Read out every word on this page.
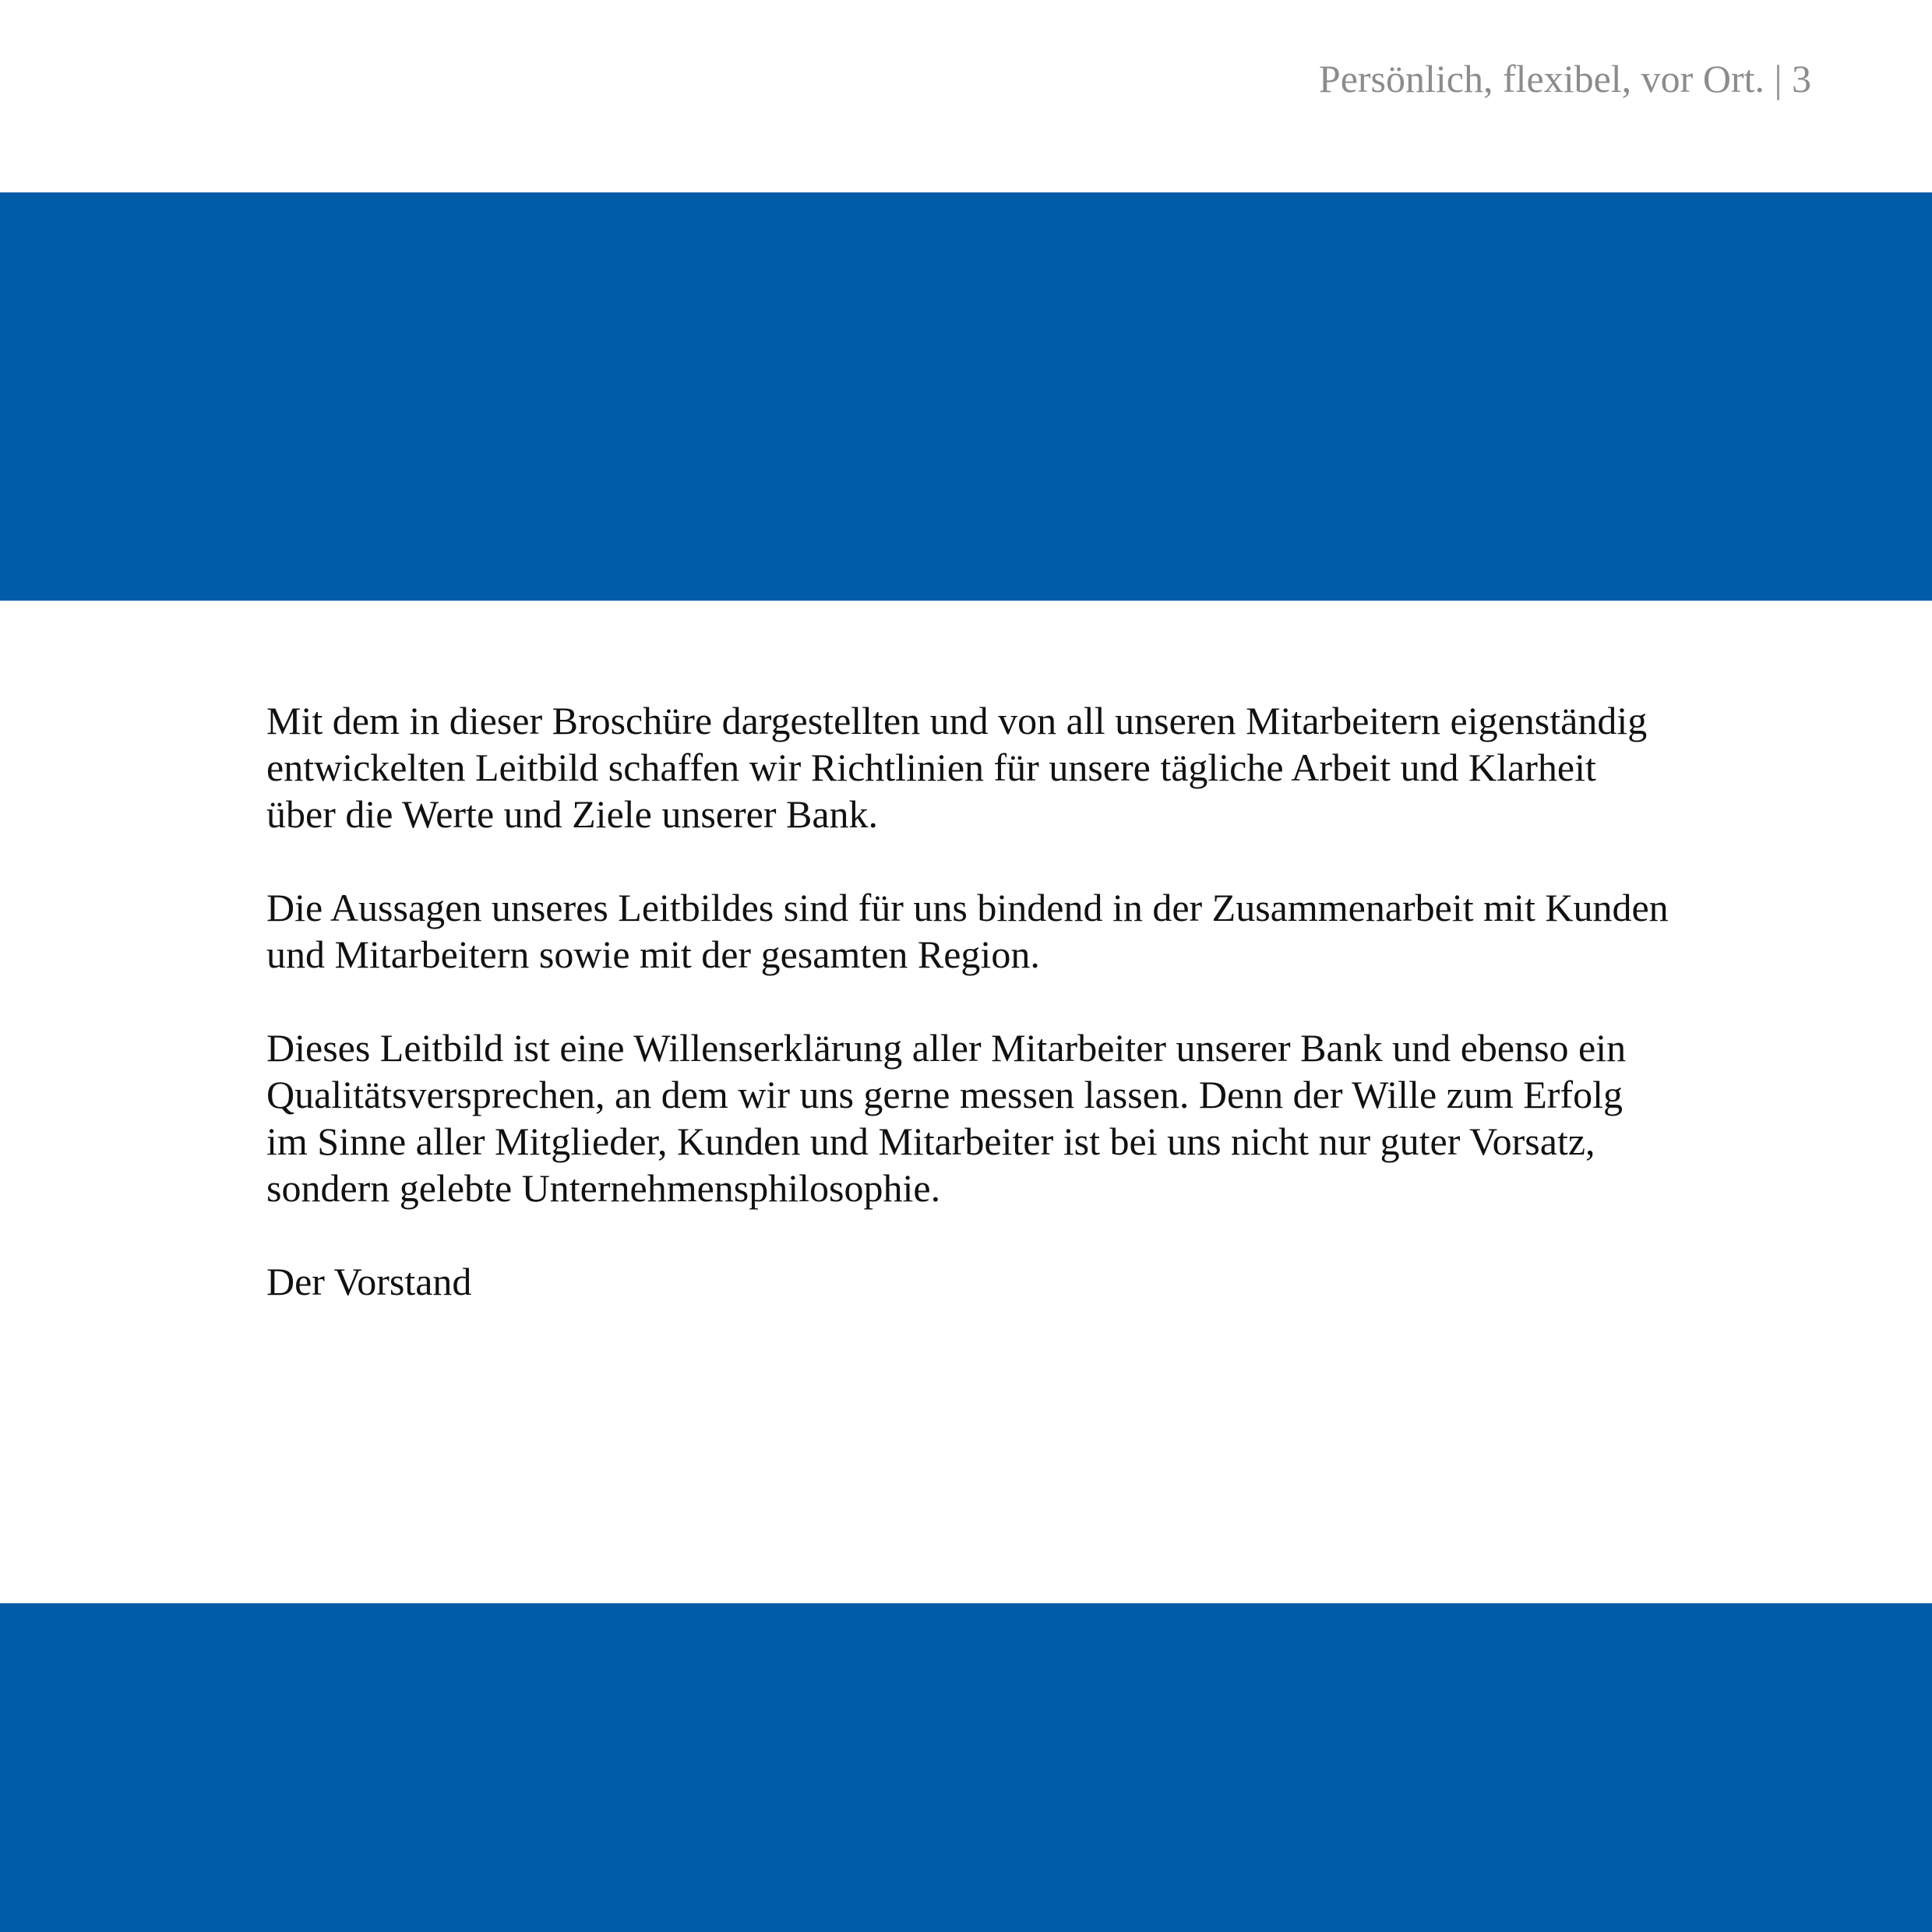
Persönlich, flexibel, vor Ort. | 3

Mit dem in dieser Broschüre dargestellten und von all unseren Mitarbeitern eigenständig
entwickelten Leitbild schaffen wir Richtlinien für unsere tägliche Arbeit und Klarheit
über die Werte und Ziele unserer Bank.

Die Aussagen unseres Leitbildes sind für uns bindend in der Zusammenarbeit mit Kunden
und Mitarbeitern sowie mit der gesamten Region.

Dieses Leitbild ist eine Willenserklärung aller Mitarbeiter unserer Bank und ebenso ein
Qualitätsversprechen, an dem wir uns gerne messen lassen. Denn der Wille zum Erfolg
im Sinne aller Mitglieder, Kunden und Mitarbeiter ist bei uns nicht nur guter Vorsatz,
sondern gelebte Unternehmensphilosophie.

Der Vorstand
